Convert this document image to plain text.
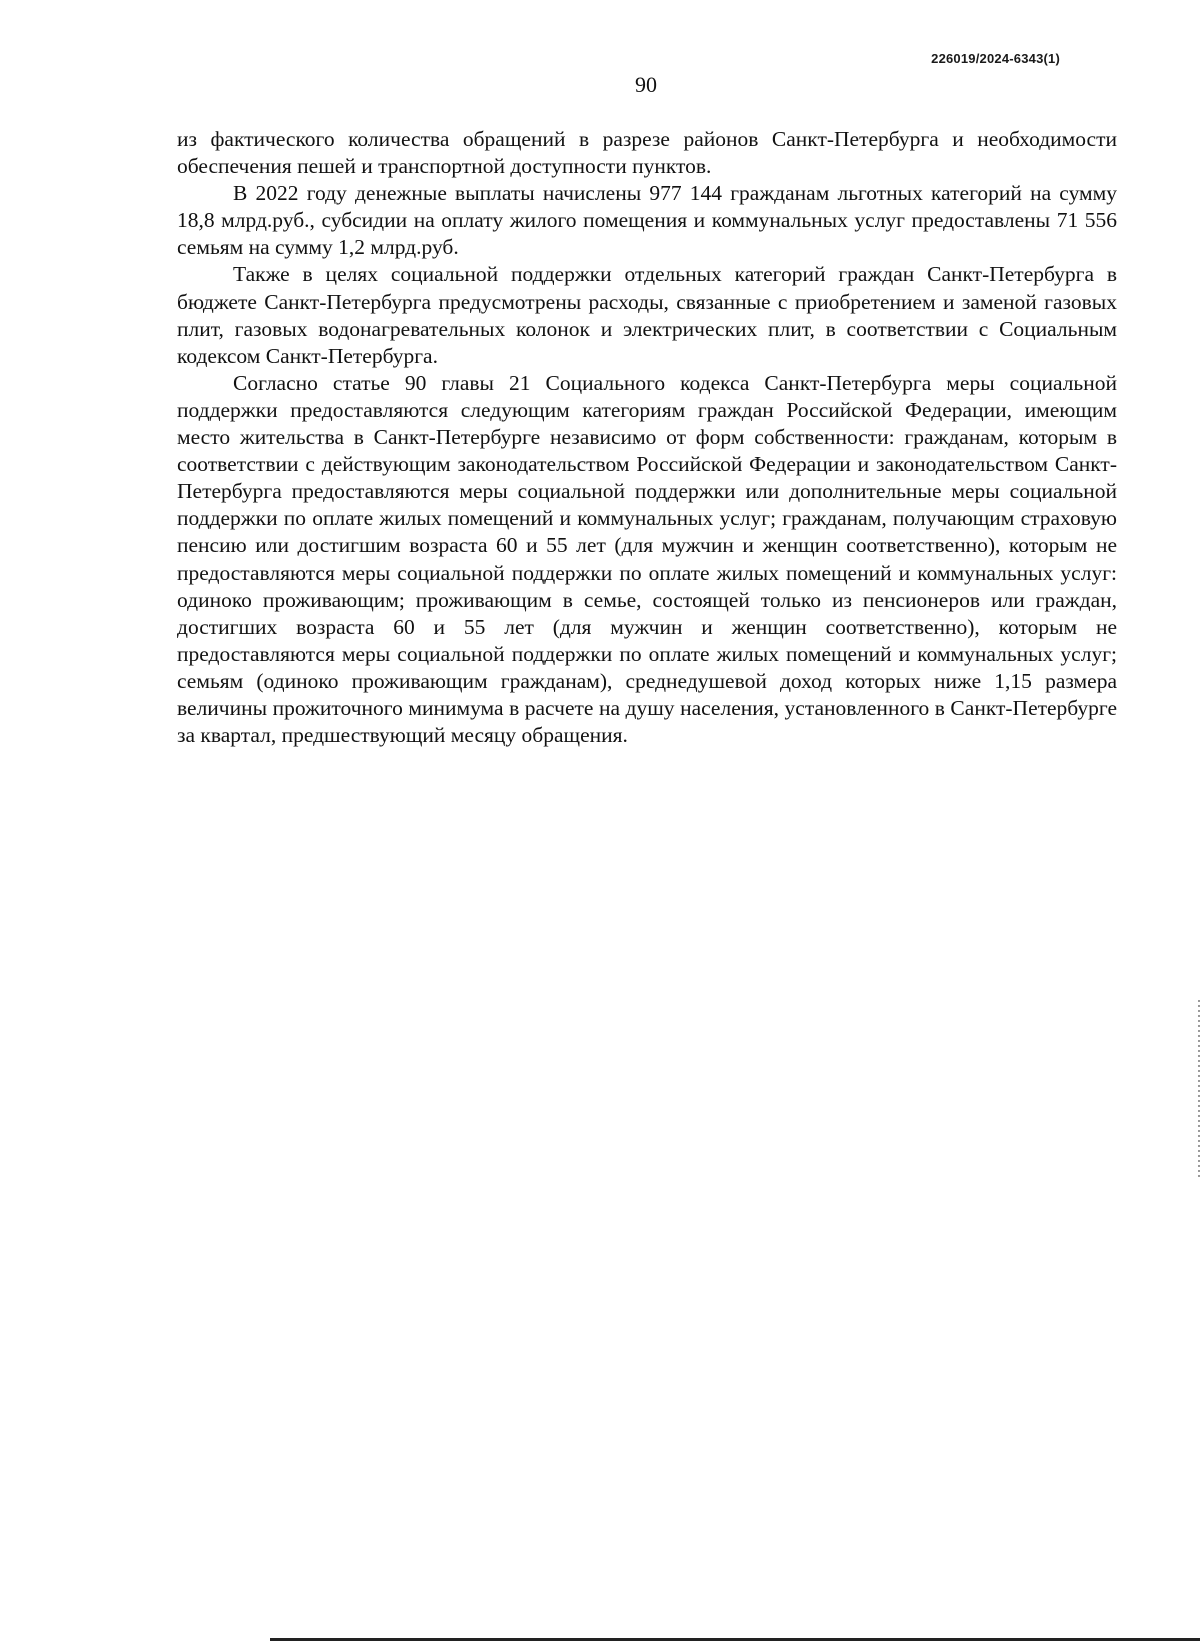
226019/2024-6343(1)
90

из фактического количества обращений в разрезе районов Санкт-Петербурга и необходимости обеспечения пешей и транспортной доступности пунктов.

В 2022 году денежные выплаты начислены 977 144 гражданам льготных категорий на сумму 18,8 млрд.руб., субсидии на оплату жилого помещения и коммунальных услуг предоставлены 71 556 семьям на сумму 1,2 млрд.руб.

Также в целях социальной поддержки отдельных категорий граждан Санкт-Петербурга в бюджете Санкт-Петербурга предусмотрены расходы, связанные с приобретением и заменой газовых плит, газовых водонагревательных колонок и электрических плит, в соответствии с Социальным кодексом Санкт-Петербурга.

Согласно статье 90 главы 21 Социального кодекса Санкт-Петербурга меры социальной поддержки предоставляются следующим категориям граждан Российской Федерации, имеющим место жительства в Санкт-Петербурге независимо от форм собственности: гражданам, которым в соответствии с действующим законодательством Российской Федерации и законодательством Санкт-Петербурга предоставляются меры социальной поддержки или дополнительные меры социальной поддержки по оплате жилых помещений и коммунальных услуг; гражданам, получающим страховую пенсию или достигшим возраста 60 и 55 лет (для мужчин и женщин соответственно), которым не предоставляются меры социальной поддержки по оплате жилых помещений и коммунальных услуг: одиноко проживающим; проживающим в семье, состоящей только из пенсионеров или граждан, достигших возраста 60 и 55 лет (для мужчин и женщин соответственно), которым не предоставляются меры социальной поддержки по оплате жилых помещений и коммунальных услуг; семьям (одиноко проживающим гражданам), среднедушевой доход которых ниже 1,15 размера величины прожиточного минимума в расчете на душу населения, установленного в Санкт-Петербурге за квартал, предшествующий месяцу обращения.
